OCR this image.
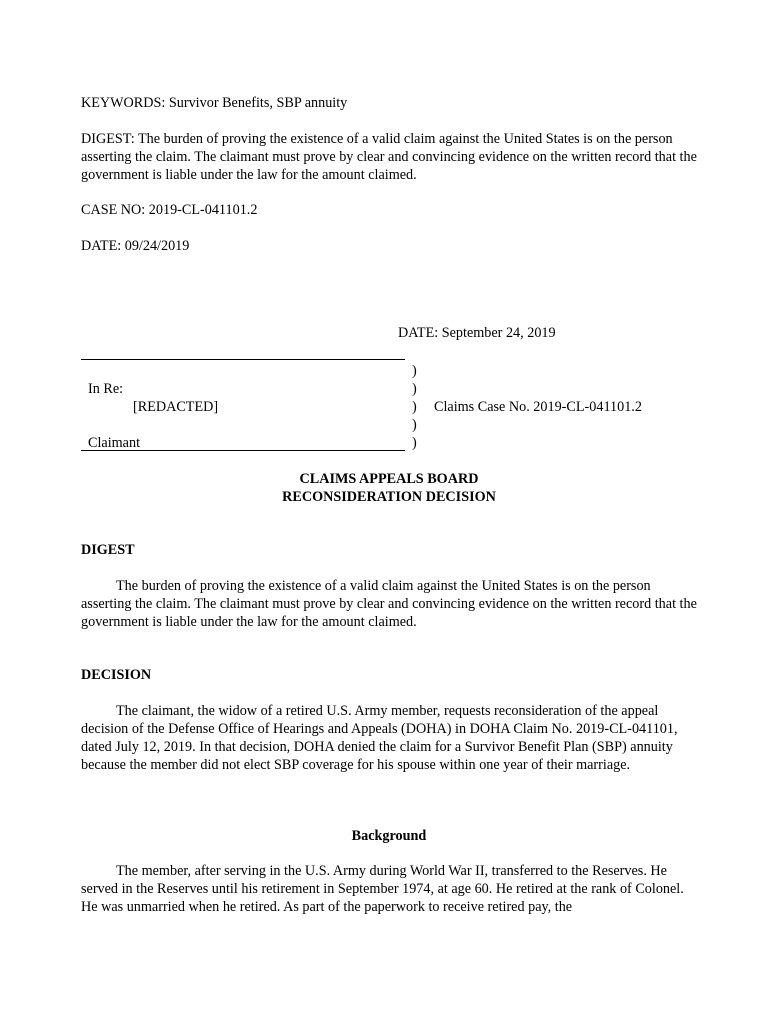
KEYWORDS: Survivor Benefits, SBP annuity

DIGEST: The burden of proving the existence of a valid claim against the United States is on the person asserting the claim. The claimant must prove by clear and convincing evidence on the written record that the government is liable under the law for the amount claimed.

CASE NO: 2019-CL-041101.2

DATE: 09/24/2019

DATE: September 24, 2019

)
)
)
)
)
In Re:
[REDACTED]	Claims Case No. 2019-CL-041101.2
Claimant

CLAIMS APPEALS BOARD

RECONSIDERATION DECISION

DIGEST

The burden of proving the existence of a valid claim against the United States is on the person asserting the claim. The claimant must prove by clear and convincing evidence on the written record that the government is liable under the law for the amount claimed.

DECISION

The claimant, the widow of a retired U.S. Army member, requests reconsideration of the appeal decision of the Defense Office of Hearings and Appeals (DOHA) in DOHA Claim No. 2019-CL-041101, dated July 12, 2019. In that decision, DOHA denied the claim for a Survivor Benefit Plan (SBP) annuity because the member did not elect SBP coverage for his spouse within one year of their marriage.

Background

The member, after serving in the U.S. Army during World War II, transferred to the Reserves. He served in the Reserves until his retirement in September 1974, at age 60. He retired at the rank of Colonel. He was unmarried when he retired. As part of the paperwork to receive retired pay, the
